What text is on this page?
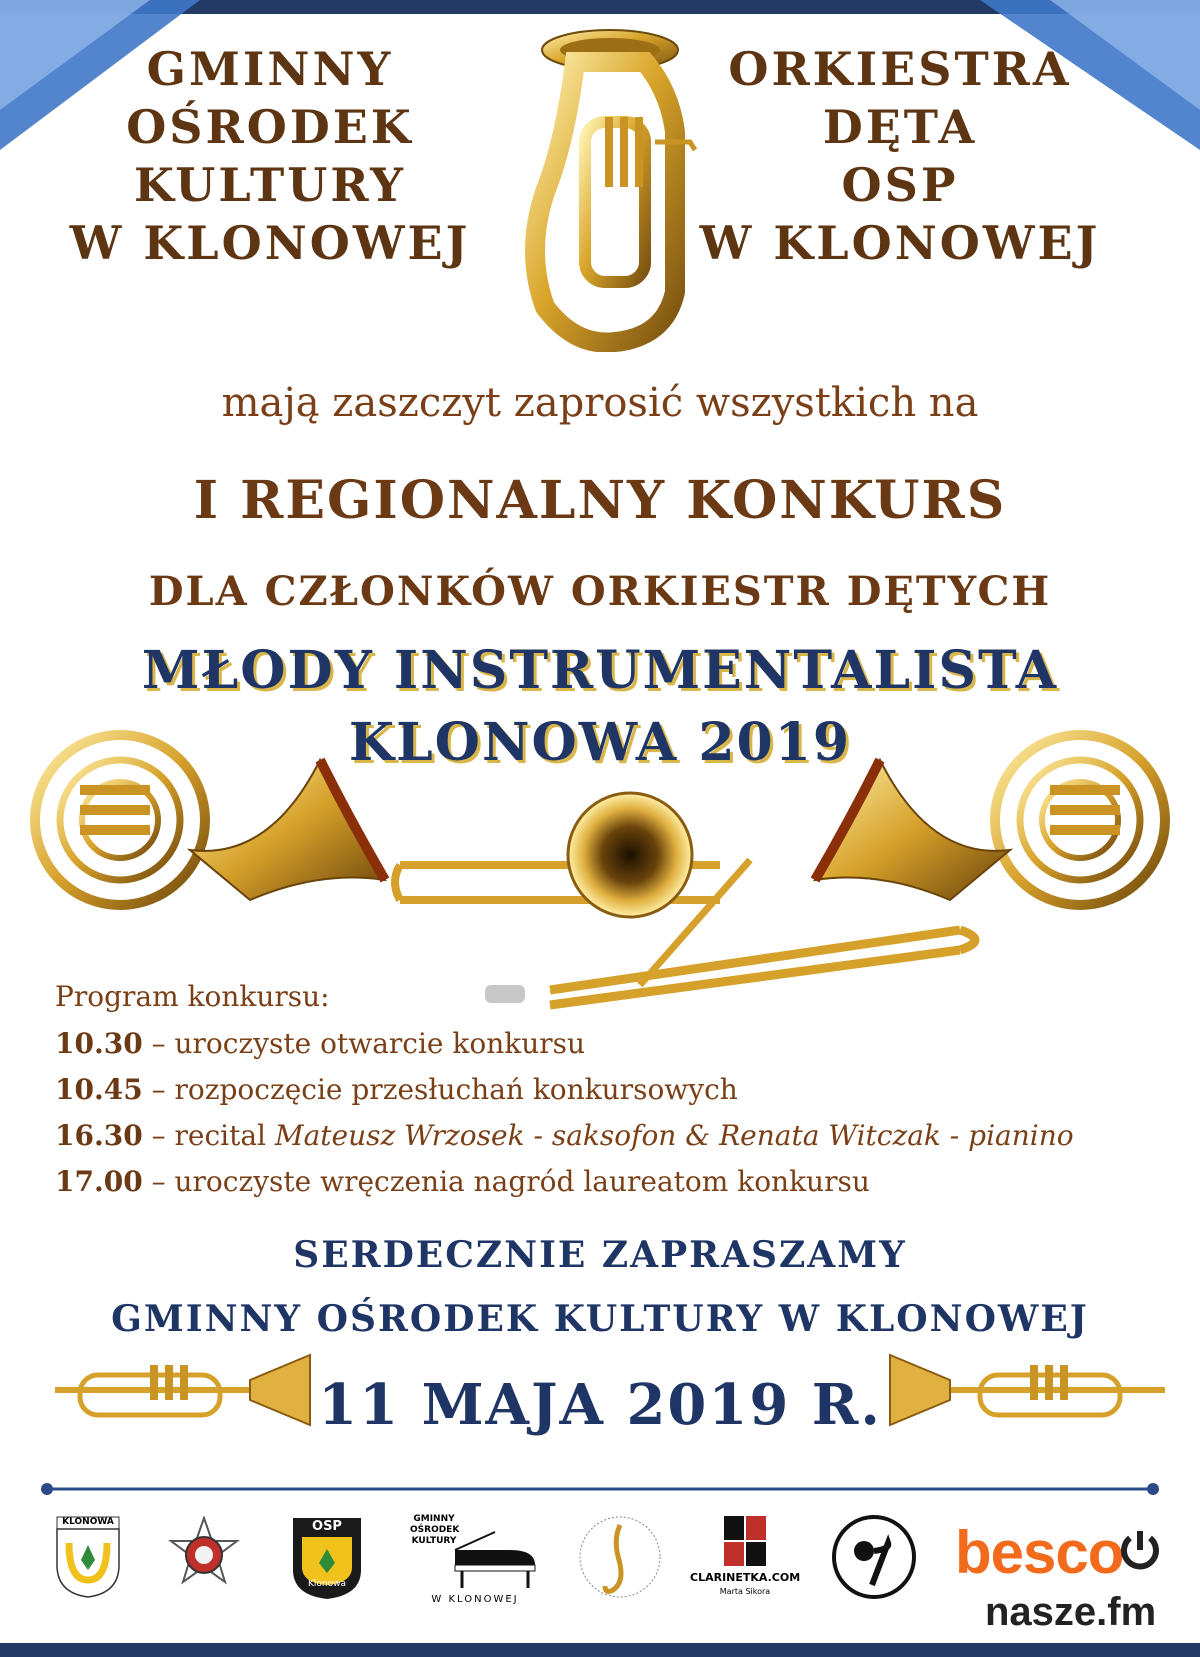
GMINNY
OŚRODEK
KULTURY
W KLONOWEJ
ORKIESTRA
DĘTA
OSP
W KLONOWEJ
mają zaszczyt zaprosić wszystkich na
I REGIONALNY KONKURS
DLA CZŁONKÓW ORKIESTR DĘTYCH
MŁODY INSTRUMENTALISTA
KLONOWA 2019
Program konkursu:
10.30 – uroczyste otwarcie konkursu
10.45 – rozpoczęcie przesłuchań konkursowych
16.30 – recital Mateusz Wrzosek - saksofon & Renata Witczak - pianino
17.00 – uroczyste wręczenia nagród laureatom konkursu
SERDECZNIE ZAPRASZAMY
GMINNY OŚRODEK KULTURY W KLONOWEJ
11 MAJA 2019 R.
KLONOWA	OSP
Klonowa
GMINNY
OŚRODEK
KULTURY
W KLONOWEJ
CLARINETKA.COM
Marta Sikora
besco
nasze.fm
